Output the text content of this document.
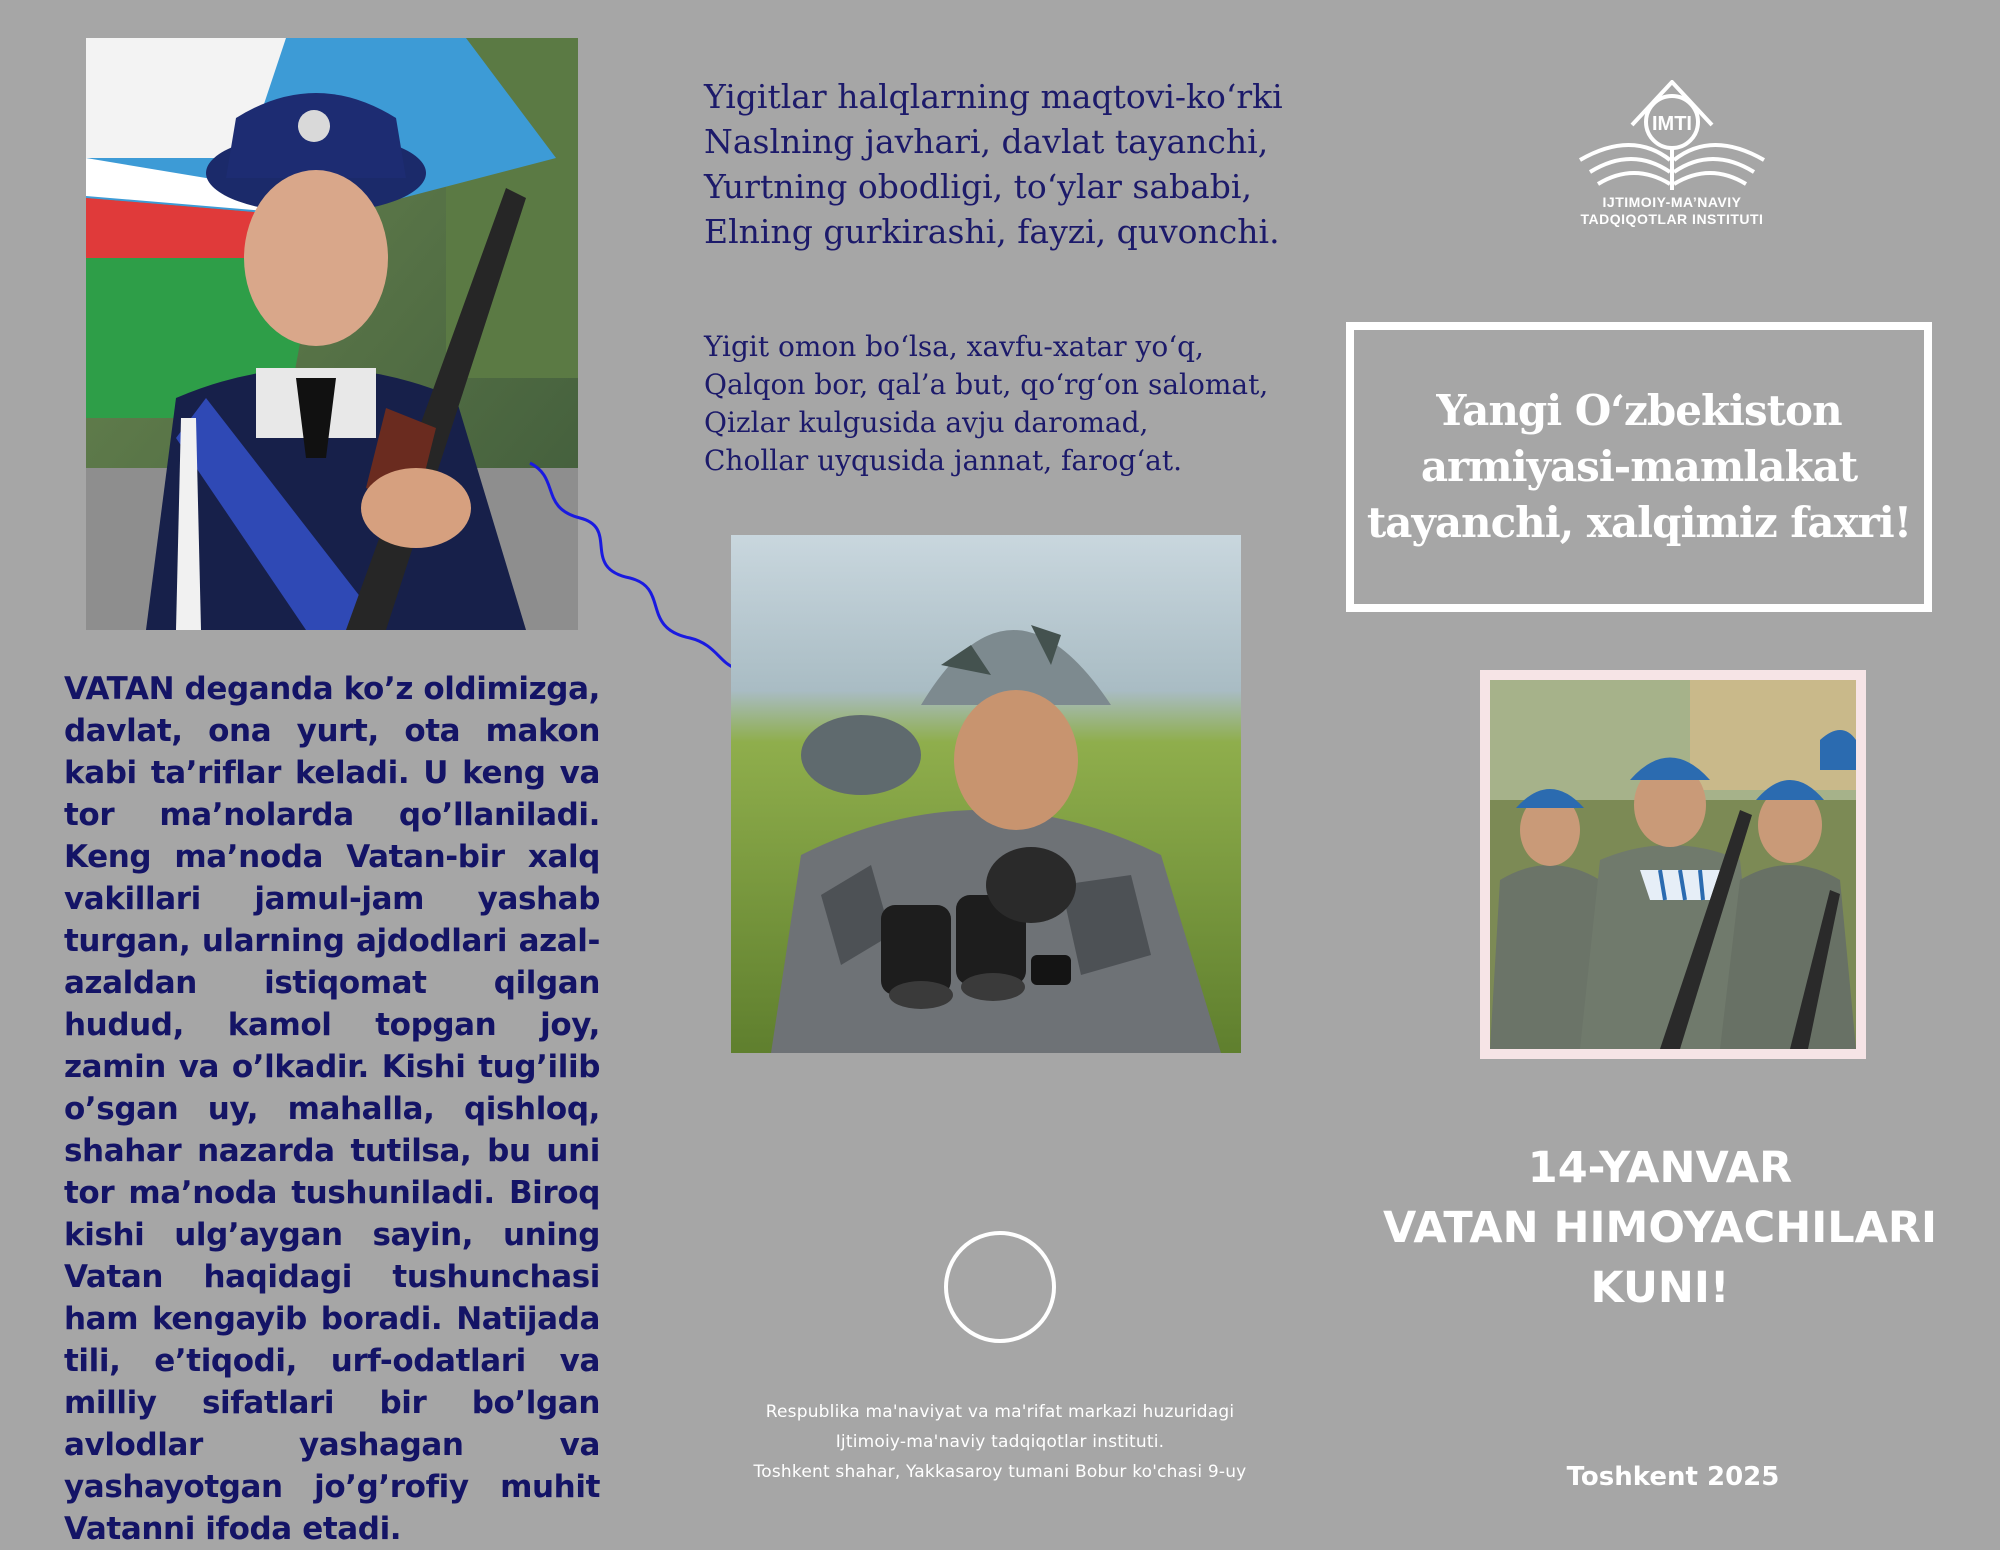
VATAN deganda ko’z oldimizga, davlat, ona yurt, ota makon kabi ta’riflar keladi. U keng va tor ma’nolarda qo’llaniladi. Keng ma’noda Vatan-bir xalq vakillari jamul-jam yashab turgan, ularning ajdodlari azal-azaldan istiqomat qilgan hudud, kamol topgan joy, zamin va o’lkadir. Kishi tug’ilib o’sgan uy, mahalla, qishloq, shahar nazarda tutilsa, bu uni tor ma’noda tushuniladi. Biroq kishi ulg’aygan sayin, uning Vatan haqidagi tushunchasi ham kengayib boradi. Natijada tili, e’tiqodi, urf-odatlari va milliy sifatlari bir bo’lgan avlodlar yashagan va yashayotgan jo’g’rofiy muhit Vatanni ifoda etadi.
Yigitlar halqlarning maqtovi-ko‘rki
Naslning javhari, davlat tayanchi,
Yurtning obodligi, to‘ylar sababi,
Elning gurkirashi, fayzi, quvonchi.
Yigit omon bo‘lsa, xavfu-xatar yo‘q,
Qalqon bor, qal’a but, qo‘rg‘on salomat,
Qizlar kulgusida avju daromad,
Chollar uyqusida jannat, farog‘at.
Respublika ma'naviyat va ma'rifat markazi huzuridagi
Ijtimoiy-ma'naviy tadqiqotlar instituti.
Toshkent shahar, Yakkasaroy tumani Bobur ko'chasi 9-uy
IMTI
IJTIMOIY-MA’NAVIY
TADQIQOTLAR INSTITUTI

Yangi O‘zbekiston armiyasi-mamlakat tayanchi, xalqimiz faxri!

14-YANVAR
VATAN HIMOYACHILARI
KUNI!
Toshkent 2025
